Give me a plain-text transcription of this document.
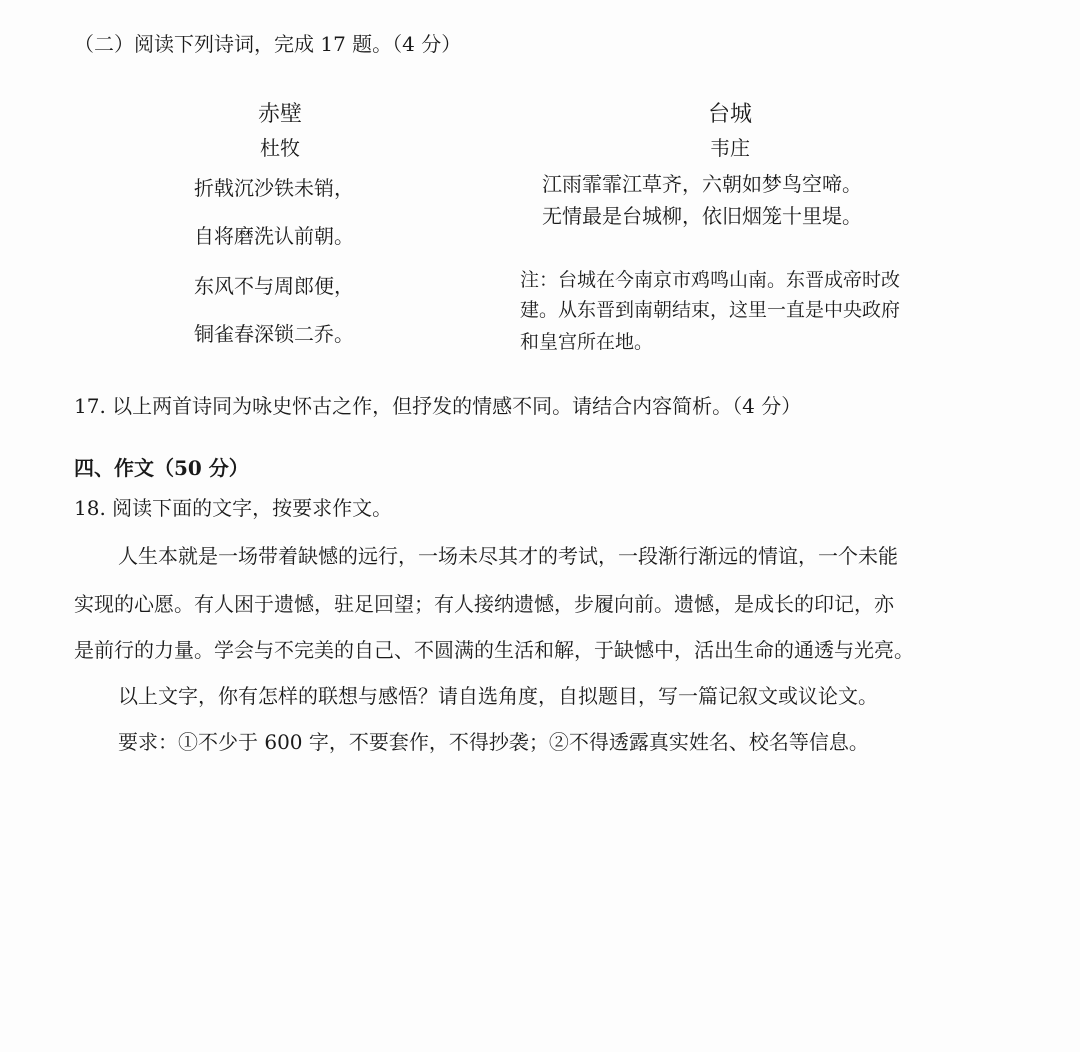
（二）阅读下列诗词，完成 17 题。（4 分）
赤壁
杜牧
折戟沉沙铁未销，
自将磨洗认前朝。
东风不与周郎便，
铜雀春深锁二乔。
台城
韦庄
江雨霏霏江草齐，六朝如梦鸟空啼。
无情最是台城柳，依旧烟笼十里堤。
注：台城在今南京市鸡鸣山南。东晋成帝时改
建。从东晋到南朝结束，这里一直是中央政府
和皇宫所在地。
17. 以上两首诗同为咏史怀古之作，但抒发的情感不同。请结合内容简析。（4 分）
四、作文（50 分）
18. 阅读下面的文字，按要求作文。
人生本就是一场带着缺憾的远行，一场未尽其才的考试，一段渐行渐远的情谊，一个未能
实现的心愿。有人困于遗憾，驻足回望；有人接纳遗憾，步履向前。遗憾，是成长的印记，亦
是前行的力量。学会与不完美的自己、不圆满的生活和解，于缺憾中，活出生命的通透与光亮。
以上文字，你有怎样的联想与感悟？请自选角度，自拟题目，写一篇记叙文或议论文。
要求：①不少于 600 字，不要套作，不得抄袭；②不得透露真实姓名、校名等信息。
